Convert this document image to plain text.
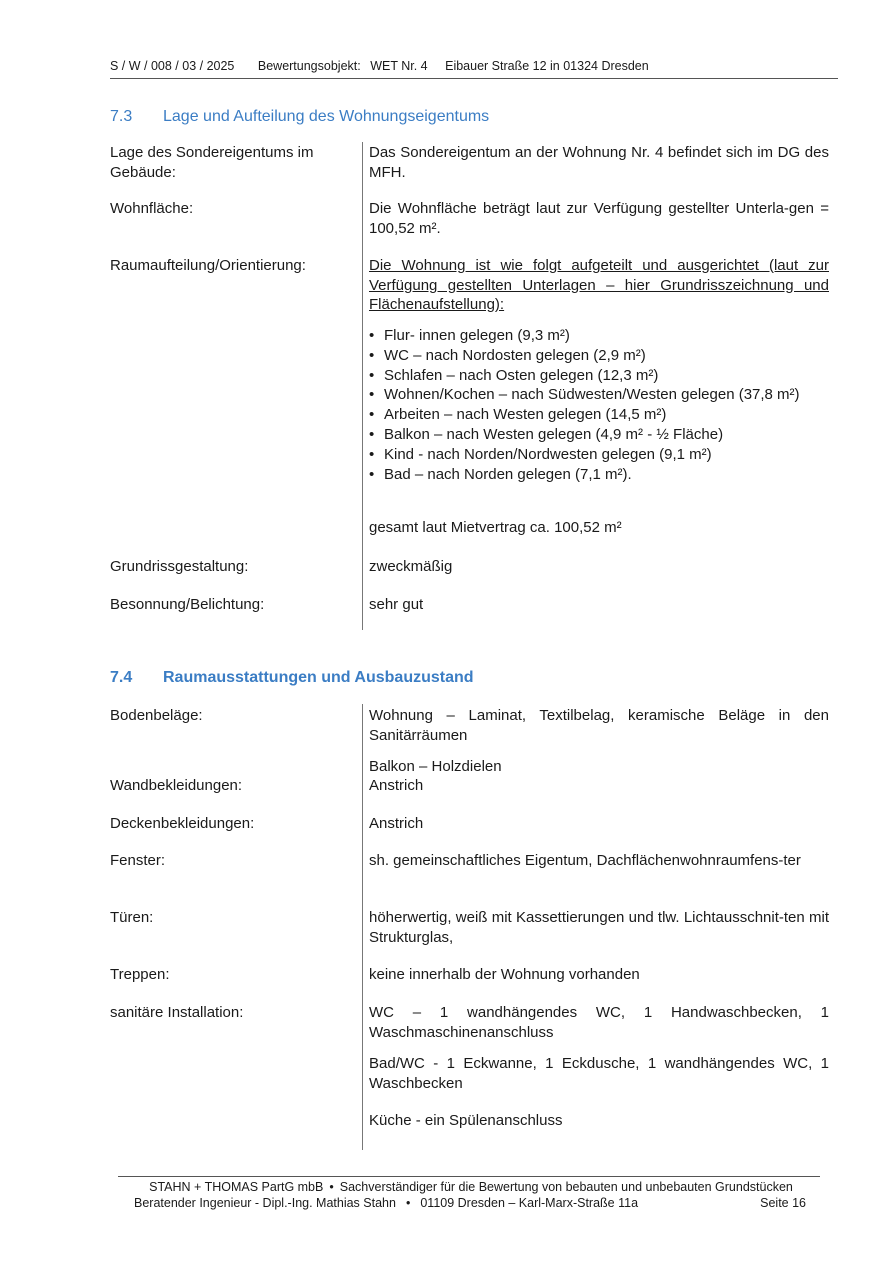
S / W / 008 / 03 / 2025 Bewertungsobjekt: WET Nr. 4 Eibauer Straße 12 in 01324 Dresden
7.3 Lage und Aufteilung des Wohnungseigentums
Lage des Sondereigentums im Gebäude:
Das Sondereigentum an der Wohnung Nr. 4 befindet sich im DG des MFH.
Wohnfläche:	Die Wohnfläche beträgt laut zur Verfügung gestellter Unterla-gen = 100,52 m².
Raumaufteilung/Orientierung:	Die Wohnung ist wie folgt aufgeteilt und ausgerichtet (laut zur Verfügung gestellten Unterlagen – hier Grundrisszeichnung und Flächenaufstellung):
• Flur- innen gelegen (9,3 m²)
• WC – nach Nordosten gelegen (2,9 m²)
• Schlafen – nach Osten gelegen (12,3 m²)
• Wohnen/Kochen – nach Südwesten/Westen gelegen (37,8 m²)
• Arbeiten – nach Westen gelegen (14,5 m²)
• Balkon – nach Westen gelegen (4,9 m² - ½ Fläche)
• Kind - nach Norden/Nordwesten gelegen (9,1 m²)
• Bad – nach Norden gelegen (7,1 m²).
gesamt laut Mietvertrag ca. 100,52 m²
Grundrissgestaltung:	zweckmäßig
Besonnung/Belichtung:	sehr gut
7.4 Raumausstattungen und Ausbauzustand
Bodenbeläge:	Wohnung – Laminat, Textilbelag, keramische Beläge in den Sanitärräumen
Balkon – Holzdielen
Wandbekleidungen:	Anstrich
Deckenbekleidungen:	Anstrich
Fenster:	sh. gemeinschaftliches Eigentum, Dachflächenwohnraumfens-ter
Türen:	höherwertig, weiß mit Kassettierungen und tlw. Lichtausschnit-ten mit Strukturglas,
Treppen:	keine innerhalb der Wohnung vorhanden
sanitäre Installation:	WC – 1 wandhängendes WC, 1 Handwaschbecken, 1 Waschmaschinenanschluss
Bad/WC - 1 Eckwanne, 1 Eckdusche, 1 wandhängendes WC, 1 Waschbecken
Küche - ein Spülenanschluss
STAHN + THOMAS PartG mbB • Sachverständiger für die Bewertung von bebauten und unbebauten Grundstücken
Beratender Ingenieur - Dipl.-Ing. Mathias Stahn • 01109 Dresden – Karl-Marx-Straße 11a	Seite 16
